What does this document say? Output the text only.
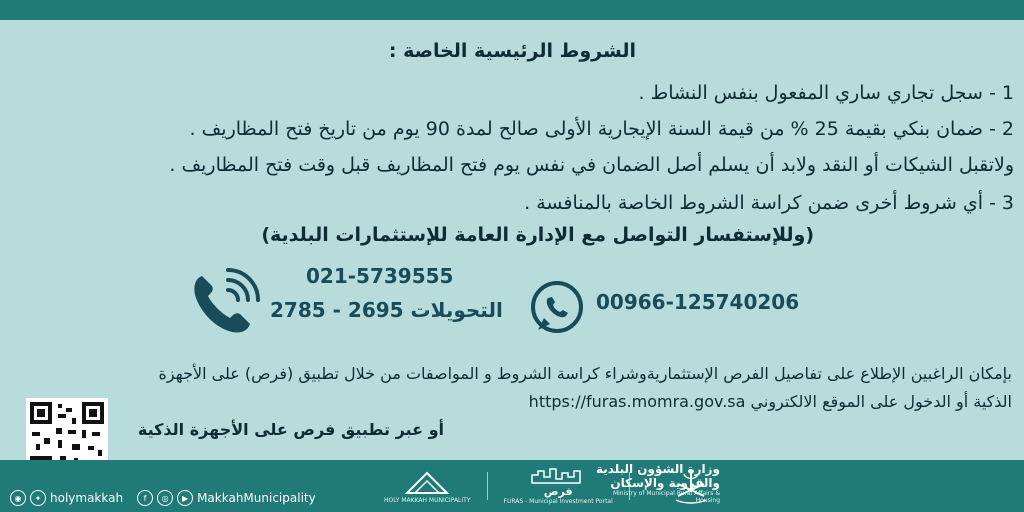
الشروط الرئيسية الخاصة :
1 - سجل تجاري ساري المفعول بنفس النشاط .
2 - ضمان بنكي بقيمة 25 % من قيمة السنة الإيجارية الأولى صالح لمدة 90 يوم من تاريخ فتح المظاريف .
ولاتقبل الشيكات أو النقد ولابد أن يسلم أصل الضمان في نفس يوم فتح المظاريف قبل وقت فتح المظاريف .
3 - أي شروط أخرى ضمن كراسة الشروط الخاصة بالمنافسة .
(وللإستفسار التواصل مع الإدارة العامة للإستثمارات البلدية)
021-5739555
التحويلات 2695 - 2785	00966-125740206
بإمكان الراغبين الإطلاع على تفاصيل الفرص الإستثماريةوشراء كراسة الشروط و المواصفات من خلال تطبيق (فرص) على الأجهزة
الذكية أو الدخول على الموقع الالكتروني https://furas.momra.gov.sa
أو عبر تطبيق فرص على الأجهزة الذكية
◉	✦ holymakkah	f	◎	▶ MakkahMunicipality	HOLY MAKKAH MUNICIPALITY
فرص
FURAS - Municipal Investment Portal
وزارة الشؤون البلدية
والقروية والإسكان
Ministry of Municipal Rural Affairs & Housing
